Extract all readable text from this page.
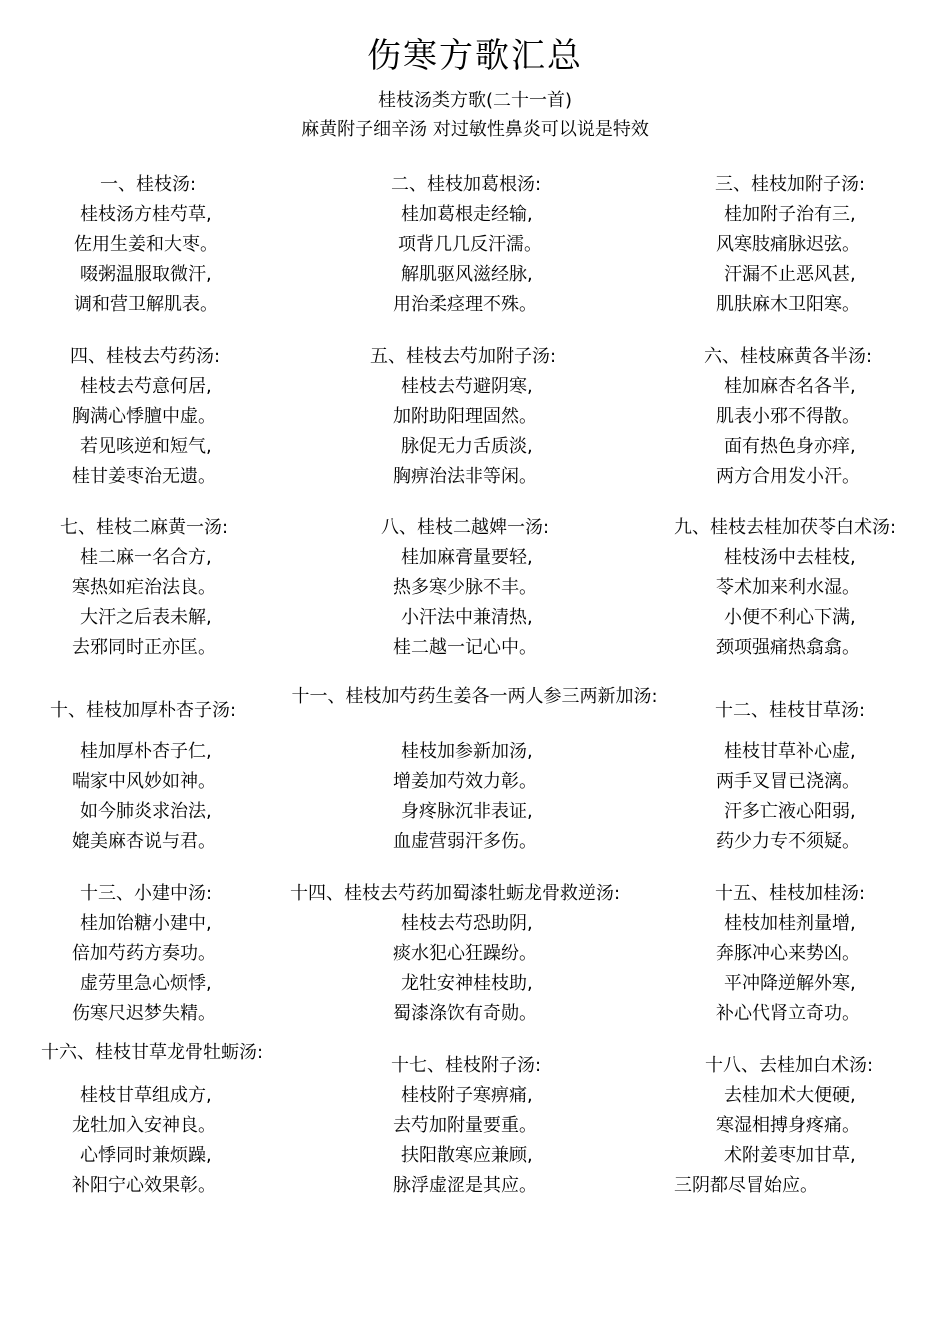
伤寒方歌汇总
桂枝汤类方歌(二十一首)
麻黄附子细辛汤 对过敏性鼻炎可以说是特效
一、桂枝汤:
桂枝汤方桂芍草,
佐用生姜和大枣。
啜粥温服取微汗,
调和营卫解肌表。
二、桂枝加葛根汤:
桂加葛根走经输,
项背几几反汗濡。
解肌驱风滋经脉,
用治柔痉理不殊。
三、桂枝加附子汤:
桂加附子治有三,
风寒肢痛脉迟弦。
汗漏不止恶风甚,
肌肤麻木卫阳寒。
四、桂枝去芍药汤:
桂枝去芍意何居,
胸满心悸膻中虚。
若见咳逆和短气,
桂甘姜枣治无遗。
五、桂枝去芍加附子汤:
桂枝去芍避阴寒,
加附助阳理固然。
脉促无力舌质淡,
胸痹治法非等闲。
六、桂枝麻黄各半汤:
桂加麻杏名各半,
肌表小邪不得散。
面有热色身亦痒,
两方合用发小汗。
七、桂枝二麻黄一汤:
桂二麻一名合方,
寒热如疟治法良。
大汗之后表未解,
去邪同时正亦匡。
八、桂枝二越婢一汤:
桂加麻膏量要轻,
热多寒少脉不丰。
小汗法中兼清热,
桂二越一记心中。
九、桂枝去桂加茯苓白术汤:
桂枝汤中去桂枝,
苓术加来利水湿。
小便不利心下满,
颈项强痛热翕翕。
十、桂枝加厚朴杏子汤:
桂加厚朴杏子仁,
喘家中风妙如神。
如今肺炎求治法,
媲美麻杏说与君。
十一、桂枝加芍药生姜各一两人参三两新加汤:
桂枝加参新加汤,
增姜加芍效力彰。
身疼脉沉非表证,
血虚营弱汗多伤。
十二、桂枝甘草汤:
桂枝甘草补心虚,
两手叉冒已浇漓。
汗多亡液心阳弱,
药少力专不须疑。
十三、小建中汤:
桂加饴糖小建中,
倍加芍药方奏功。
虚劳里急心烦悸,
伤寒尺迟梦失精。
十四、桂枝去芍药加蜀漆牡蛎龙骨救逆汤:
桂枝去芍恐助阴,
痰水犯心狂躁纷。
龙牡安神桂枝助,
蜀漆涤饮有奇勋。
十五、桂枝加桂汤:
桂枝加桂剂量增,
奔豚冲心来势凶。
平冲降逆解外寒,
补心代肾立奇功。
十六、桂枝甘草龙骨牡蛎汤:
桂枝甘草组成方,
龙牡加入安神良。
心悸同时兼烦躁,
补阳宁心效果彰。
十七、桂枝附子汤:
桂枝附子寒痹痛,
去芍加附量要重。
扶阳散寒应兼顾,
脉浮虚涩是其应。
十八、去桂加白术汤:
去桂加术大便硬,
寒湿相搏身疼痛。
术附姜枣加甘草,
三阴都尽冒始应。
